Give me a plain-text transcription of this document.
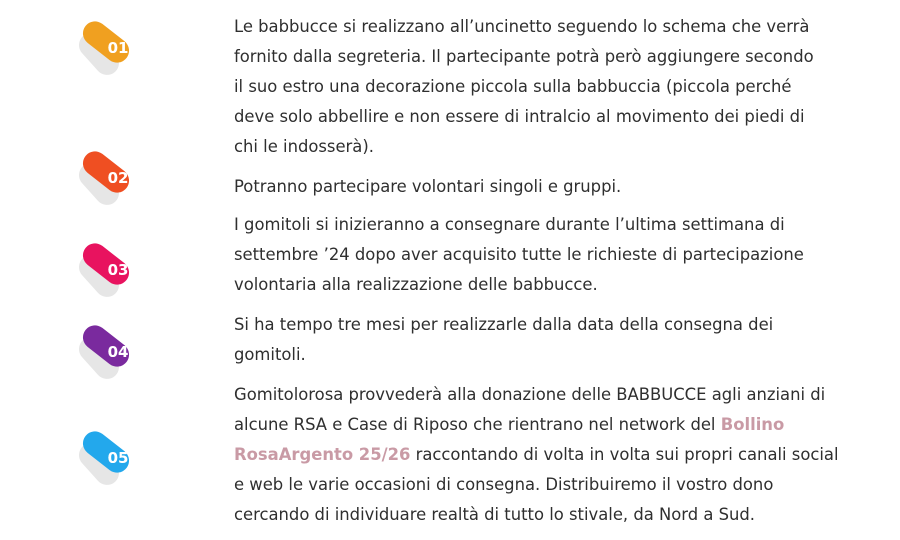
01
Le babbucce si realizzano all’uncinetto seguendo lo schema che verrà
fornito dalla segreteria. Il partecipante potrà però aggiungere secondo
il suo estro una decorazione piccola sulla babbuccia (piccola perché
deve solo abbellire e non essere di intralcio al movimento dei piedi di
chi le indosserà).
02	Potranno partecipare volontari singoli e gruppi.
03
I gomitoli si inizieranno a consegnare durante l’ultima settimana di
settembre ’24 dopo aver acquisito tutte le richieste di partecipazione
volontaria alla realizzazione delle babbucce.
04
Si ha tempo tre mesi per realizzarle dalla data della consegna dei
gomitoli.
05
Gomitolorosa provvederà alla donazione delle BABBUCCE agli anziani di
alcune RSA e Case di Riposo che rientrano nel network del Bollino
RosaArgento 25/26 raccontando di volta in volta sui propri canali social
e web le varie occasioni di consegna. Distribuiremo il vostro dono
cercando di individuare realtà di tutto lo stivale, da Nord a Sud.
